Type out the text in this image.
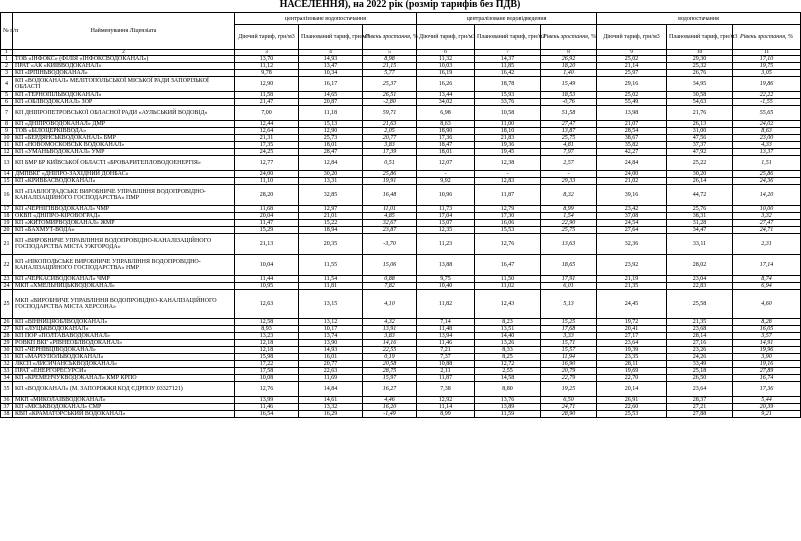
НАСЕЛЕННЯ), на 2022 рік (розмір тарифів без ПДВ)
№ п/п	Найменування Ліцензіата	централізоване водопостачання			централізоване водовідведення			водопостачання		
		Діючий тариф, грн/м3	Планований тариф, грн/м3	Рівень зростання, %	Діючий тариф, грн/м3	Планований тариф, грн/м3	Рівень зростання, %	Діючий тариф, грн/м3	Планований тариф, грн/м3	Рівень зростання, %
1	2	3	4	5	6	7	8	9	10	11
1	ТОВ «ІНФОКС» (ФІЛІЯ «ІНФОКСВОДОКАНАЛ»)	13,70	14,93	8,98	11,32	14,37	26,92	25,02	29,30	17,10
2	ПРАТ «АК «КИЇВВОДОКАНАЛ»	11,12	13,47	21,15	10,03	11,85	18,20	21,14	25,32	19,75
3	КП «ІРПІНЬВОДОКАНАЛ»	9,78	10,34	5,77	16,19	16,42	1,40	25,97	26,76	3,05
4	КП «ВОДОКАНАЛ» МЕЛІТОПОЛЬСЬКОЇ МІСЬКОЇ РАДИ ЗАПОРІЗЬКОЇ ОБЛАСТІ	12,90	16,17	25,37	16,26	18,78	15,49	29,16	34,95	19,86
5	КП «ТЕРНОПІЛЬВОДОКАНАЛ»	11,58	14,65	26,51	13,44	15,93	18,53	25,02	30,58	22,22
6	КП «ОБЛВОДОКАНАЛ» ЗОР	21,47	20,87	-2,80	34,02	33,76	-0,76	55,49	54,63	-1,55
7	КП ДНІПРОПЕТРОВСЬКОЇ ОБЛАСНОЇ РАДИ «АУЛЬСЬКИЙ ВОДОВІД»	7,00	11,18	59,71	6,98	10,58	51,58	13,98	21,76	55,65
8	КП «ДНІПРОВОДОКАНАЛ» ДМР	12,44	15,13	21,63	8,63	11,00	27,47	21,07	26,13	24,02
9	ТОВ «БІЛОЦЕРКІВВОДА»	12,64	12,90	2,05	18,90	18,10	13,87	28,54	31,00	8,63
10	КП «БЕРДЯНСЬКВОДОКАНАЛ» БМР	21,31	25,73	20,77	17,36	21,83	25,75	38,67	47,56	23,00
11	КП «НОВОМОСКОВСЬК ВОДОКАНАЛ»	17,35	18,01	3,83	18,47	19,36	4,81	35,82	37,37	4,33
12	КП «УМАНЬВОДОКАНАЛ» УМР	24,25	28,47	17,39	18,01	19,45	7,97	42,27	47,92	13,37
13	КП БМР БР КИЇВСЬКОЇ ОБЛАСТІ «БРОВАРИТЕПЛОВОДОЕНЕРГІЯ»	12,77	12,84	0,51	12,07	12,38	2,57	24,84	25,22	1,51
14	ДМПВКГ «ДНІПРО-ЗАХІДНИЙ ДОНБАС»	24,00	30,20	25,86	-	-	-	24,00	30,20	25,86
15	КП «КРИВБАСВОДОКАНАЛ»	11,10	13,31	19,91	9,92	12,83	29,33	21,02	26,14	24,36
16	КП «ПАВЛОГРАДСЬКЕ ВИРОБНИЧЕ УПРАВЛІННЯ ВОДОПРОВІДНО-КАНАЛІЗАЦІЙНОГО ГОСПОДАРСТВА» ПМР	28,20	32,85	16,48	10,96	11,87	8,32	39,16	44,72	14,20
17	КП «ЧЕРНІГІВВОДОКАНАЛ» ЧМР	11,68	12,97	11,01	11,73	12,79	8,99	23,42	25,76	10,00
18	ОКВП «ДНІПРО-КІРОВОГРАД»	20,04	21,01	4,85	17,04	17,30	1,54	37,08	38,31	3,32
19	КП «ЖИТОМИРВОДОКАНАЛ» ЖМР	11,47	15,22	32,67	13,07	16,06	22,90	24,54	31,28	27,47
20	КП «БАХМУТ-ВОДА»	15,29	18,94	23,87	12,35	15,53	25,75	27,64	34,47	24,71
21	КП «ВИРОБНИЧЕ УПРАВЛІННЯ ВОДОПРОВІДНО-КАНАЛІЗАЦІЙНОГО ГОСПОДАРСТВА МІСТА УЖГОРОДА»	21,13	20,35	-3,70	11,23	12,76	13,63	32,36	33,11	2,31
22	КП «НІКОПОЛЬСЬКЕ ВИРОБНИЧЕ УПРАВЛІННЯ ВОДОПРОВІДНО-КАНАЛІЗАЦІЙНОГО ГОСПОДАРСТВА» НМР	10,04	11,55	15,06	13,88	16,47	18,65	23,92	28,02	17,14
23	КП «ЧЕРКАСИВОДОКАНАЛ» ЧМР	11,44	11,54	0,88	9,75	11,50	17,91	21,19	23,04	8,74
24	МКП «ХМЕЛЬНИЦЬКВОДОКАНАЛ»	10,95	11,81	7,82	10,40	11,02	6,01	21,35	22,83	6,94
25	МКП «ВИРОБНИЧЕ УПРАВЛІННЯ ВОДОПРОВІДНО-КАНАЛІЗАЦІЙНОГО ГОСПОДАРСТВА МІСТА ХЕРСОНА»	12,63	13,15	4,10	11,82	12,43	5,13	24,45	25,58	4,60
26	КП «ВІННИЦЯОБЛВОДОКАНАЛ»	12,58	13,12	4,32	7,14	8,23	15,25	19,72	21,35	8,28
27	КП «ЛУЦЬКВОДОКАНАЛ»	8,93	10,17	13,91	11,48	13,51	17,68	20,41	23,68	16,05
28	КП ПОР «ПОЛТАВАВОДОКАНАЛ»	13,23	13,74	3,83	13,94	14,40	3,33	27,17	28,14	3,57
29	РОВКП ВКГ «РІВНЕОБЛВОДОКАНАЛ»	12,18	13,90	14,16	11,46	13,26	15,71	23,64	27,16	14,91
30	КП «ЧЕРНІВЦІВОДОКАНАЛ»	12,18	14,93	22,55	7,21	8,33	15,57	19,39	23,26	19,96
31	КП «МАРІУПОЛЬВОДОКАНАЛ»	15,98	16,01	0,19	7,37	8,25	11,94	23,35	24,26	3,90
32	ЛКСП «ЛИСИЧАНСЬКВОДОКАНАЛ»	17,22	20,77	20,58	10,88	12,72	16,90	28,11	33,49	19,16
33	ПРАТ «ЕНЕРГОРЕСУРСИ»	17,58	22,63	28,75	2,11	2,55	20,79	19,69	25,18	27,89
34	КП «КРЕМЕНЧУКВОДОКАНАЛ» КМР КРПО	10,08	11,69	15,97	11,87	14,58	22,79	22,70	26,50	16,74
35	КП «ВОДОКАНАЛ» (М. ЗАПОРІЖЖЯ КОД ЄДРПОУ 03327121)	12,76	14,84	16,27	7,38	8,80	19,25	20,14	23,64	17,36
36	МКП «МИКОЛАЇВВОДОКАНАЛ»	13,99	14,61	4,46	12,92	13,76	6,50	26,91	28,37	5,44
37	КП «МІСЬКВОДОКАНАЛ» СМР	11,46	13,32	16,20	11,14	13,89	24,71	22,60	27,21	20,39
38	КВП «КРАМАТОРСЬКИЙ ВОДОКАНАЛ»	16,54	16,29	-1,49	8,99	11,59	28,90	25,53	27,88	9,21
